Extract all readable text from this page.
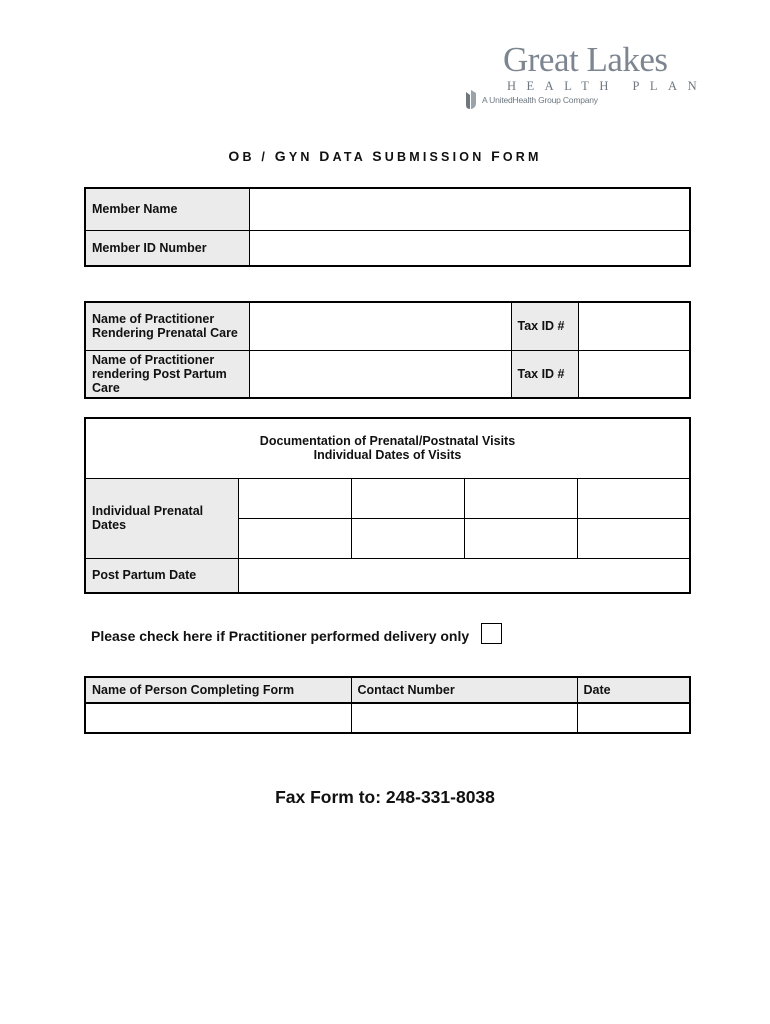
Great Lakes
HEALTH PLAN
A UnitedHealth Group Company
OB / GYN DATA SUBMISSION FORM
Member Name	
Member ID Number	
Name of Practitioner Rendering Prenatal Care		Tax ID #	
Name of Practitioner rendering Post Partum Care		Tax ID #	
Documentation of Prenatal/Postnatal Visits
Individual Dates of Visits				

Individual Prenatal Dates				

Post Partum Date				
Please check here if Practitioner performed delivery only
Name of Person Completing Form	Contact Number	Date

Fax Form to: 248-331-8038
